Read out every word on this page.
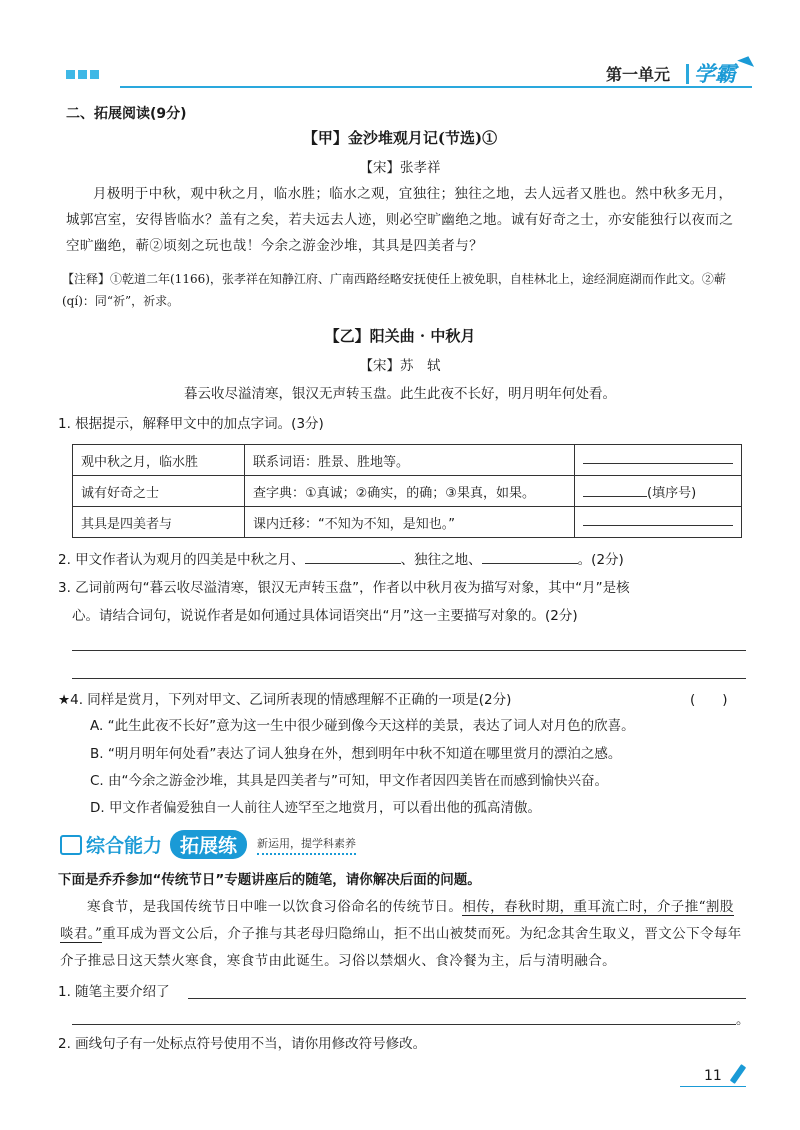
第一单元 学霸
二、拓展阅读(9分)
【甲】金沙堆观月记(节选)①
【宋】张孝祥
月极明于中秋，观中秋之月，临水胜；临水之观，宜独往；独往之地，去人远者又胜也。然中秋多无月，城郭宫室，安得皆临水？盖有之矣，若夫远去人迹，则必空旷幽绝之地。诚有好奇之士，亦安能独行以夜而之空旷幽绝，蕲②顷刻之玩也哉！今余之游金沙堆，其具是四美者与？
【注释】①乾道二年(1166)，张孝祥在知静江府、广南西路经略安抚使任上被免职，自桂林北上，途经洞庭湖而作此文。②蕲(qí)：同“祈”，祈求。
【乙】阳关曲 · 中秋月
【宋】苏　轼
暮云收尽溢清寒，银汉无声转玉盘。此生此夜不长好，明月明年何处看。
1. 根据提示，解释甲文中的加点字词。(3分)
观中秋之月，临水胜	联系词语：胜景、胜地等。	
诚有好奇之士	查字典：①真诚；②确实，的确；③果真，如果。	(填序号)
其具是四美者与	课内迁移：“不知为不知，是知也。”	
2. 甲文作者认为观月的四美是中秋之月、	、独往之地、	。(2分)
3. 乙词前两句“暮云收尽溢清寒，银汉无声转玉盘”，作者以中秋月夜为描写对象，其中“月”是核
心。请结合词句，说说作者是如何通过具体词语突出“月”这一主要描写对象的。(2分)
★4. 同样是赏月，下列对甲文、乙词所表现的情感理解不正确的一项是(2分)	(　　)
A. “此生此夜不长好”意为这一生中很少碰到像今天这样的美景，表达了词人对月色的欣喜。
B. “明月明年何处看”表达了词人独身在外，想到明年中秋不知道在哪里赏月的漂泊之感。
C. 由“今余之游金沙堆，其具是四美者与”可知，甲文作者因四美皆在而感到愉快兴奋。
D. 甲文作者偏爱独自一人前往人迹罕至之地赏月，可以看出他的孤高清傲。
综合能力 拓展练	新运用，提学科素养
下面是乔乔参加“传统节日”专题讲座后的随笔，请你解决后面的问题。
寒食节，是我国传统节日中唯一以饮食习俗命名的传统节日。相传，春秋时期，重耳流亡时，介子推“割股啖君。”重耳成为晋文公后，介子推与其老母归隐绵山，拒不出山被焚而死。为纪念其舍生取义，晋文公下令每年介子推忌日这天禁火寒食，寒食节由此诞生。习俗以禁烟火、食冷餐为主，后与清明融合。
1. 随笔主要介绍了
。
2. 画线句子有一处标点符号使用不当，请你用修改符号修改。
11
